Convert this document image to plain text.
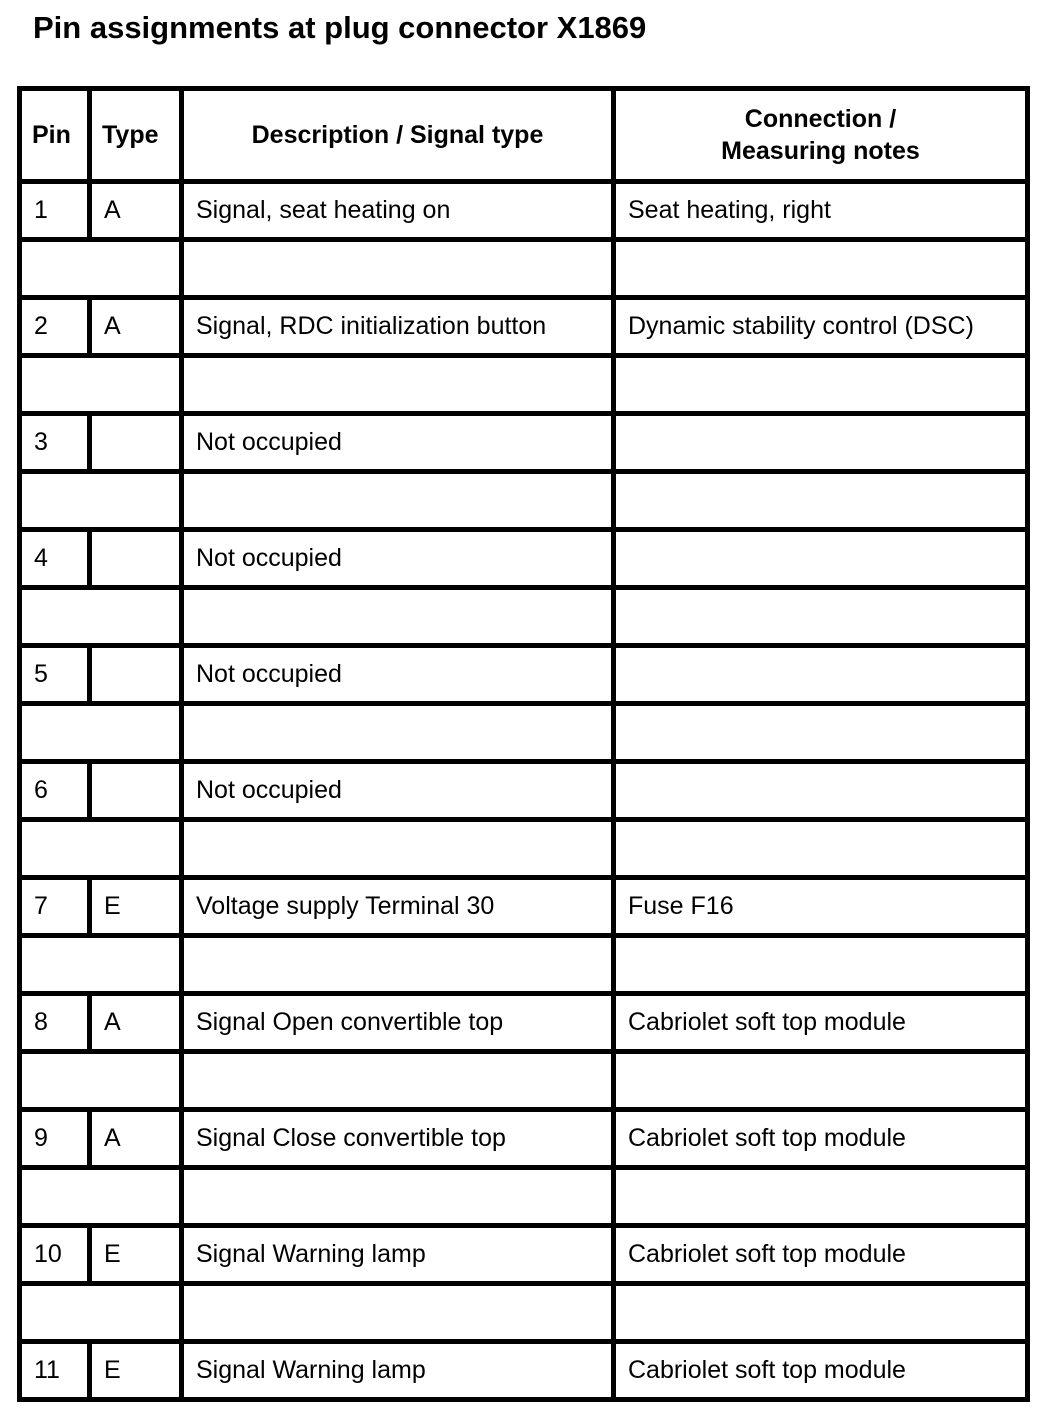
Pin assignments at plug connector X1869
Pin	Type	Description / Signal type	Connection /
Measuring notes
1	A	Signal, seat heating on	Seat heating, right

2	A	Signal, RDC initialization button	Dynamic stability control (DSC)

3		Not occupied	

4		Not occupied	

5		Not occupied	

6		Not occupied	

7	E	Voltage supply Terminal 30	Fuse F16

8	A	Signal Open convertible top	Cabriolet soft top module

9	A	Signal Close convertible top	Cabriolet soft top module

10	E	Signal Warning lamp	Cabriolet soft top module

11	E	Signal Warning lamp	Cabriolet soft top module
